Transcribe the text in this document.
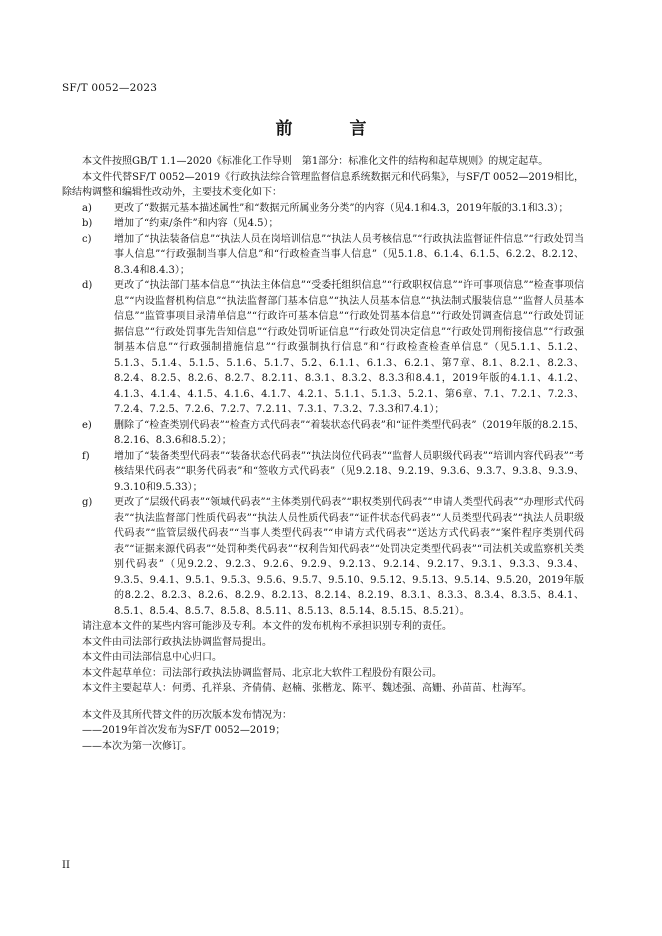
SF/T 0052—2023
前　言

本文件按照GB/T 1.1—2020《标准化工作导则　第1部分：标准化文件的结构和起草规则》的规定起草。

本文件代替SF/T 0052—2019《行政执法综合管理监督信息系统数据元和代码集》，与SF/T 0052—2019相比，除结构调整和编辑性改动外，主要技术变化如下：

a) 更改了“数据元基本描述属性”和“数据元所属业务分类”的内容（见4.1和4.3，2019年版的3.1和3.3）；
b) 增加了“约束/条件”和内容（见4.5）；
c) 增加了“执法装备信息”“执法人员在岗培训信息”“执法人员考核信息”“行政执法监督证件信息”“行政处罚当事人信息”“行政强制当事人信息”和“行政检查当事人信息”（见5.1.8、6.1.4、6.1.5、6.2.2、8.2.12、8.3.4和8.4.3）；
d) 更改了“执法部门基本信息”“执法主体信息”“受委托组织信息”“行政职权信息”“许可事项信息”“检查事项信息”“内设监督机构信息”“执法监督部门基本信息”“执法人员基本信息”“执法制式服装信息”“监督人员基本信息”“监管事项目录清单信息”“行政许可基本信息”“行政处罚基本信息”“行政处罚调查信息”“行政处罚证据信息”“行政处罚事先告知信息”“行政处罚听证信息”“行政处罚决定信息”“行政处罚刑衔接信息”“行政强制基本信息”“行政强制措施信息”“行政强制执行信息”和“行政检查检查单信息”（见5.1.1、5.1.2、5.1.3、5.1.4、5.1.5、5.1.6、5.1.7、5.2、6.1.1、6.1.3、6.2.1、第7章、8.1、8.2.1、8.2.3、8.2.4、8.2.5、8.2.6、8.2.7、8.2.11、8.3.1、8.3.2、8.3.3和8.4.1，2019年版的4.1.1、4.1.2、4.1.3、4.1.4、4.1.5、4.1.6、4.1.7、4.2.1、5.1.1、5.1.3、5.2.1、第6章、7.1、7.2.1、7.2.3、7.2.4、7.2.5、7.2.6、7.2.7、7.2.11、7.3.1、7.3.2、7.3.3和7.4.1）；
e) 删除了“检查类别代码表”“检查方式代码表”“着装状态代码表”和“证件类型代码表”（2019年版的8.2.15、8.2.16、8.3.6和8.5.2）；
f) 增加了“装备类型代码表”“装备状态代码表”“执法岗位代码表”“监督人员职级代码表”“培训内容代码表”“考核结果代码表”“职务代码表”和“签收方式代码表”（见9.2.18、9.2.19、9.3.6、9.3.7、9.3.8、9.3.9、9.3.10和9.5.33）；
g) 更改了“层级代码表”“领域代码表”“主体类别代码表”“职权类别代码表”“申请人类型代码表”“办理形式代码表”“执法监督部门性质代码表”“执法人员性质代码表”“证件状态代码表”“人员类型代码表”“执法人员职级代码表”“监管层级代码表”“当事人类型代码表”“申请方式代码表”“送达方式代码表”“案件程序类别代码表”“证据来源代码表”“处罚种类代码表”“权利告知代码表”“处罚决定类型代码表”“司法机关或监察机关类别代码表”（见9.2.2、9.2.3、9.2.6、9.2.9、9.2.13、9.2.14、9.2.17、9.3.1、9.3.3、9.3.4、9.3.5、9.4.1、9.5.1、9.5.3、9.5.6、9.5.7、9.5.10、9.5.12、9.5.13、9.5.14、9.5.20，2019年版的8.2.2、8.2.3、8.2.6、8.2.9、8.2.13、8.2.14、8.2.19、8.3.1、8.3.3、8.3.4、8.3.5、8.4.1、8.5.1、8.5.4、8.5.7、8.5.8、8.5.11、8.5.13、8.5.14、8.5.15、8.5.21）。

请注意本文件的某些内容可能涉及专利。本文件的发布机构不承担识别专利的责任。

本文件由司法部行政执法协调监督局提出。

本文件由司法部信息中心归口。

本文件起草单位：司法部行政执法协调监督局、北京北大软件工程股份有限公司。

本文件主要起草人：何勇、孔祥泉、齐倩倩、赵楠、张楷龙、陈平、魏述强、高姗、孙苗苗、杜海军。

本文件及其所代替文件的历次版本发布情况为：

——2019年首次发布为SF/T 0052—2019；

——本次为第一次修订。

II
